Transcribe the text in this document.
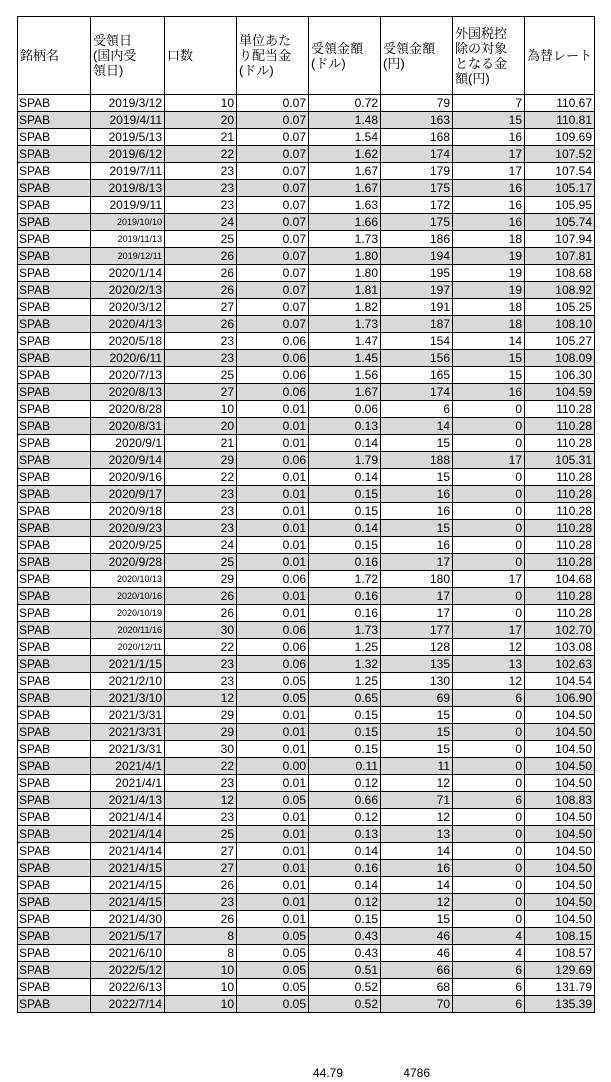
銘柄名	受領日
(国内受
領日)	口数	単位あた
り配当金
(ドル)	受領金額
(ドル)	受領金額
(円)	外国税控
除の対象
となる金
額(円)	為替レート
SPAB	2019/3/12	10	0.07	0.72	79	7	110.67
SPAB	2019/4/11	20	0.07	1.48	163	15	110.81
SPAB	2019/5/13	21	0.07	1.54	168	16	109.69
SPAB	2019/6/12	22	0.07	1.62	174	17	107.52
SPAB	2019/7/11	23	0.07	1.67	179	17	107.54
SPAB	2019/8/13	23	0.07	1.67	175	16	105.17
SPAB	2019/9/11	23	0.07	1.63	172	16	105.95
SPAB	2019/10/10	24	0.07	1.66	175	16	105.74
SPAB	2019/11/13	25	0.07	1.73	186	18	107.94
SPAB	2019/12/11	26	0.07	1.80	194	19	107.81
SPAB	2020/1/14	26	0.07	1.80	195	19	108.68
SPAB	2020/2/13	26	0.07	1.81	197	19	108.92
SPAB	2020/3/12	27	0.07	1.82	191	18	105.25
SPAB	2020/4/13	26	0.07	1.73	187	18	108.10
SPAB	2020/5/18	23	0.06	1.47	154	14	105.27
SPAB	2020/6/11	23	0.06	1.45	156	15	108.09
SPAB	2020/7/13	25	0.06	1.56	165	15	106.30
SPAB	2020/8/13	27	0.06	1.67	174	16	104.59
SPAB	2020/8/28	10	0.01	0.06	6	0	110.28
SPAB	2020/8/31	20	0.01	0.13	14	0	110.28
SPAB	2020/9/1	21	0.01	0.14	15	0	110.28
SPAB	2020/9/14	29	0.06	1.79	188	17	105.31
SPAB	2020/9/16	22	0.01	0.14	15	0	110.28
SPAB	2020/9/17	23	0.01	0.15	16	0	110.28
SPAB	2020/9/18	23	0.01	0.15	16	0	110.28
SPAB	2020/9/23	23	0.01	0.14	15	0	110.28
SPAB	2020/9/25	24	0.01	0.15	16	0	110.28
SPAB	2020/9/28	25	0.01	0.16	17	0	110.28
SPAB	2020/10/13	29	0.06	1.72	180	17	104.68
SPAB	2020/10/16	26	0.01	0.16	17	0	110.28
SPAB	2020/10/19	26	0.01	0.16	17	0	110.28
SPAB	2020/11/16	30	0.06	1.73	177	17	102.70
SPAB	2020/12/11	22	0.06	1.25	128	12	103.08
SPAB	2021/1/15	23	0.06	1.32	135	13	102.63
SPAB	2021/2/10	23	0.05	1.25	130	12	104.54
SPAB	2021/3/10	12	0.05	0.65	69	6	106.90
SPAB	2021/3/31	29	0.01	0.15	15	0	104.50
SPAB	2021/3/31	29	0.01	0.15	15	0	104.50
SPAB	2021/3/31	30	0.01	0.15	15	0	104.50
SPAB	2021/4/1	22	0.00	0.11	11	0	104.50
SPAB	2021/4/1	23	0.01	0.12	12	0	104.50
SPAB	2021/4/13	12	0.05	0.66	71	6	108.83
SPAB	2021/4/14	23	0.01	0.12	12	0	104.50
SPAB	2021/4/14	25	0.01	0.13	13	0	104.50
SPAB	2021/4/14	27	0.01	0.14	14	0	104.50
SPAB	2021/4/15	27	0.01	0.16	16	0	104.50
SPAB	2021/4/15	26	0.01	0.14	14	0	104.50
SPAB	2021/4/15	23	0.01	0.12	12	0	104.50
SPAB	2021/4/30	26	0.01	0.15	15	0	104.50
SPAB	2021/5/17	8	0.05	0.43	46	4	108.15
SPAB	2021/6/10	8	0.05	0.43	46	4	108.57
SPAB	2022/5/12	10	0.05	0.51	66	6	129.69
SPAB	2022/6/13	10	0.05	0.52	68	6	131.79
SPAB	2022/7/14	10	0.05	0.52	70	6	135.39
44.79	4786
